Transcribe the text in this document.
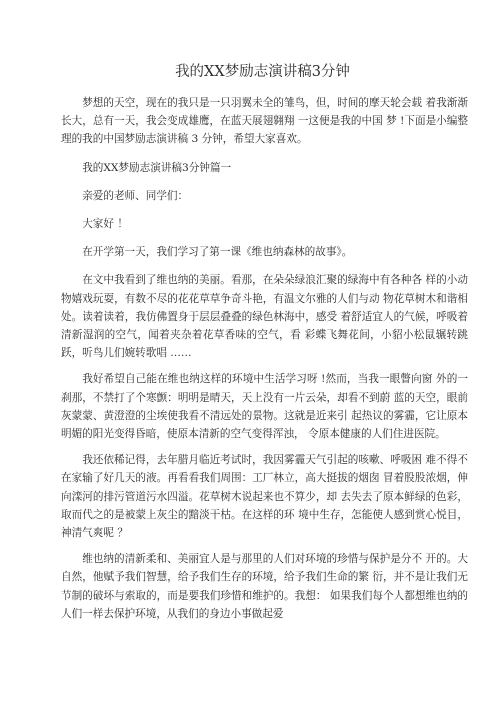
我的XX梦励志演讲稿3分钟

梦想的天空，现在的我只是一只羽翼未全的雏鸟，但，时间的摩天轮会载 着我渐渐长大，总有一天，我会变成雄鹰，在蓝天展翅翱翔 一这便是我的中国 梦 !下面是小编整理的我的中国梦励志演讲稿 3 分钟，希望大家喜欢。

我的XX梦励志演讲稿3分钟篇一

亲爱的老师、同学们：

大家好 ！

在开学第一天，我们学习了第一课《维也纳森林的故事》。

在文中我看到了维也纳的美丽。看那，在朵朵绿浪汇聚的绿海中有各种各 样的小动物嬉戏玩耍，有数不尽的花花草草争奇斗艳，有温文尔雅的人们与动 物花草树木和谐相处。读着读着，我仿佛置身于层层叠叠的绿色林海中，感受 着舒适宜人的气候，呼吸着清新湿润的空气，闻着夹杂着花草香味的空气，看 彩蝶飞舞花间，小貂小松鼠辗转跳跃，听鸟儿们婉转歌唱 ……

我好希望自己能在维也纳这样的环境中生活学习呀 !然而，当我一眼瞥向窗 外的一刹那，不禁打了个寒颤：明明是晴天，天上没有一片云朵，却看不到蔚 蓝的天空，眼前灰蒙蒙、黄澄澄的尘埃使我看不清远处的景物。这就是近来引 起热议的雾霾，它让原本明媚的阳光变得昏暗，使原本清新的空气变得浑浊， 令原本健康的人们住进医院。

我还依稀记得，去年腊月临近考试时，我因雾霾天气引起的咳嗽、呼吸困 难不得不在家输了好几天的液。再看看我们周围：工厂林立，高大挺拔的烟囱 冒着股股浓烟，伸向滦河的排污管道污水四溢。花草树木说起来也不算少，却 去失去了原本鲜绿的色彩，取而代之的是被蒙上灰尘的黯淡干枯。在这样的环 境中生存，怎能使人感到赏心悦目，神清气爽呢 ？

维也纳的清新柔和、美丽宜人是与那里的人们对环境的珍惜与保护是分不 开的。大自然，他赋予我们智慧，给予我们生存的环境，给予我们生命的繁 衍，并不是让我们无节制的破坏与索取的，而是要我们珍惜和维护的。我想： 如果我们每个人都想维也纳的人们一样去保护环境，从我们的身边小事做起爱
